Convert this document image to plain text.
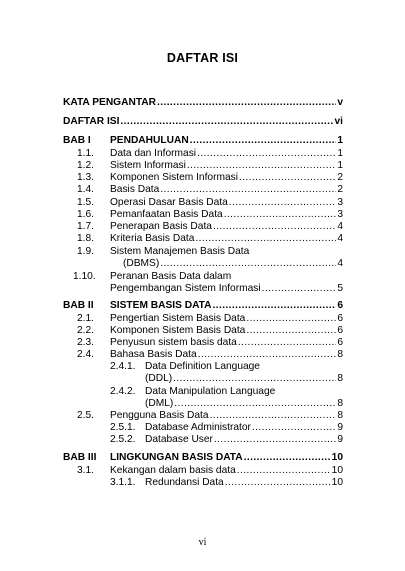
DAFTAR ISI
KATA PENGANTAR .....	v
DAFTAR ISI .....	vi
BAB I PENDAHULUAN .....	1
1.1. Data dan Informasi .....	1
1.2. Sistem Informasi .....	1
1.3. Komponen Sistem Informasi .....	2
1.4. Basis Data .....	2
1.5. Operasi Dasar Basis Data .....	3
1.6. Pemanfaatan Basis Data .....	3
1.7. Penerapan Basis Data .....	4
1.8. Kriteria Basis Data .....	4
1.9. Sistem Manajemen Basis Data
(DBMS) .....	4
1.10. Peranan Basis Data dalam
Pengembangan Sistem Informasi .....	5
BAB II SISTEM BASIS DATA .....	6
2.1. Pengertian Sistem Basis Data .....	6
2.2. Komponen Sistem Basis Data .....	6
2.3. Penyusun sistem basis data .....	6
2.4. Bahasa Basis Data .....	8
2.4.1. Data Definition Language
(DDL) .....	8
2.4.2. Data Manipulation Language
(DML) .....	8
2.5. Pengguna Basis Data .....	8
2.5.1. Database Administrator .....	9
2.5.2. Database User .....	9
BAB III LINGKUNGAN BASIS DATA .....	10
3.1. Kekangan dalam basis data .....	10
3.1.1. Redundansi Data .....	10
vi
